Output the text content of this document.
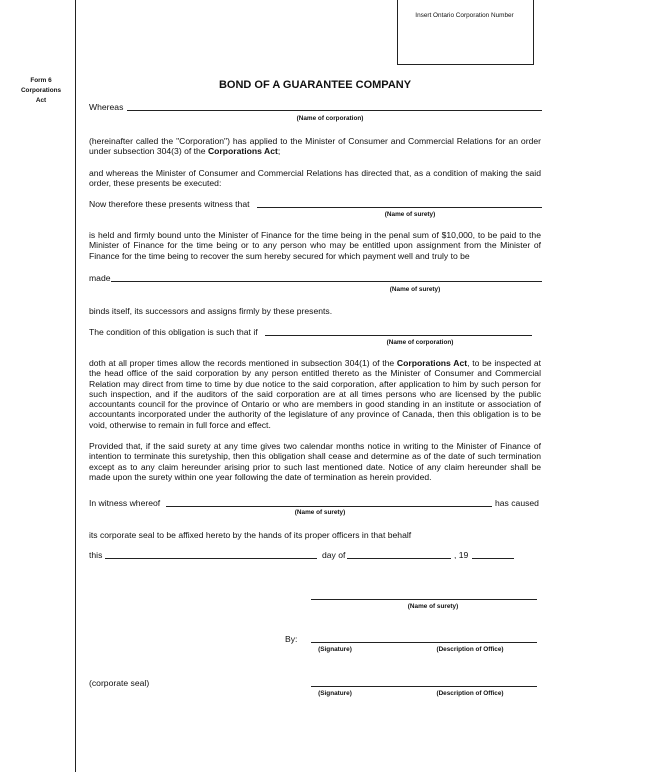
Insert Ontario Corporation Number
Form 6
Corporations
Act
BOND OF A GUARANTEE COMPANY
Whereas
(Name of corporation)

(hereinafter called the "Corporation") has applied to the Minister of Consumer and Commercial Relations for an order under subsection 304(3) of the Corporations Act;

and whereas the Minister of Consumer and Commercial Relations has directed that, as a condition of making the said order, these presents be executed:
Now therefore these presents witness that
(Name of surety)
is held and firmly bound unto the Minister of Finance for the time being in the penal sum of $10,000, to be paid to the Minister of Finance for the time being or to any person who may be entitled upon assignment from the Minister of Finance for the time being to recover the sum hereby secured for which payment well and truly to be
made
(Name of surety)
binds itself, its successors and assigns firmly by these presents.
The condition of this obligation is such that if
(Name of corporation)

doth at all proper times allow the records mentioned in subsection 304(1) of the Corporations Act, to be inspected at the head office of the said corporation by any person entitled thereto as the Minister of Consumer and Commercial Relation may direct from time to time by due notice to the said corporation, after application to him by such person for such inspection, and if the auditors of the said corporation are at all times persons who are licensed by the public accountants council for the province of Ontario or who are members in good standing in an institute or association of accountants incorporated under the authority of the legislature of any province of Canada, then this obligation is to be void, otherwise to remain in full force and effect.

Provided that, if the said surety at any time gives two calendar months notice in writing to the Minister of Finance of intention to terminate this suretyship, then this obligation shall cease and determine as of the date of such termination except as to any claim hereunder arising prior to such last mentioned date. Notice of any claim hereunder shall be made upon the surety within one year following the date of termination as herein provided.
In witness whereof	has caused
(Name of surety)
its corporate seal to be affixed hereto by the hands of its proper officers in that behalf
this	day of	, 19
(Name of surety)
By:
(Signature)	(Description of Office)
(corporate seal)
(Signature)	(Description of Office)
